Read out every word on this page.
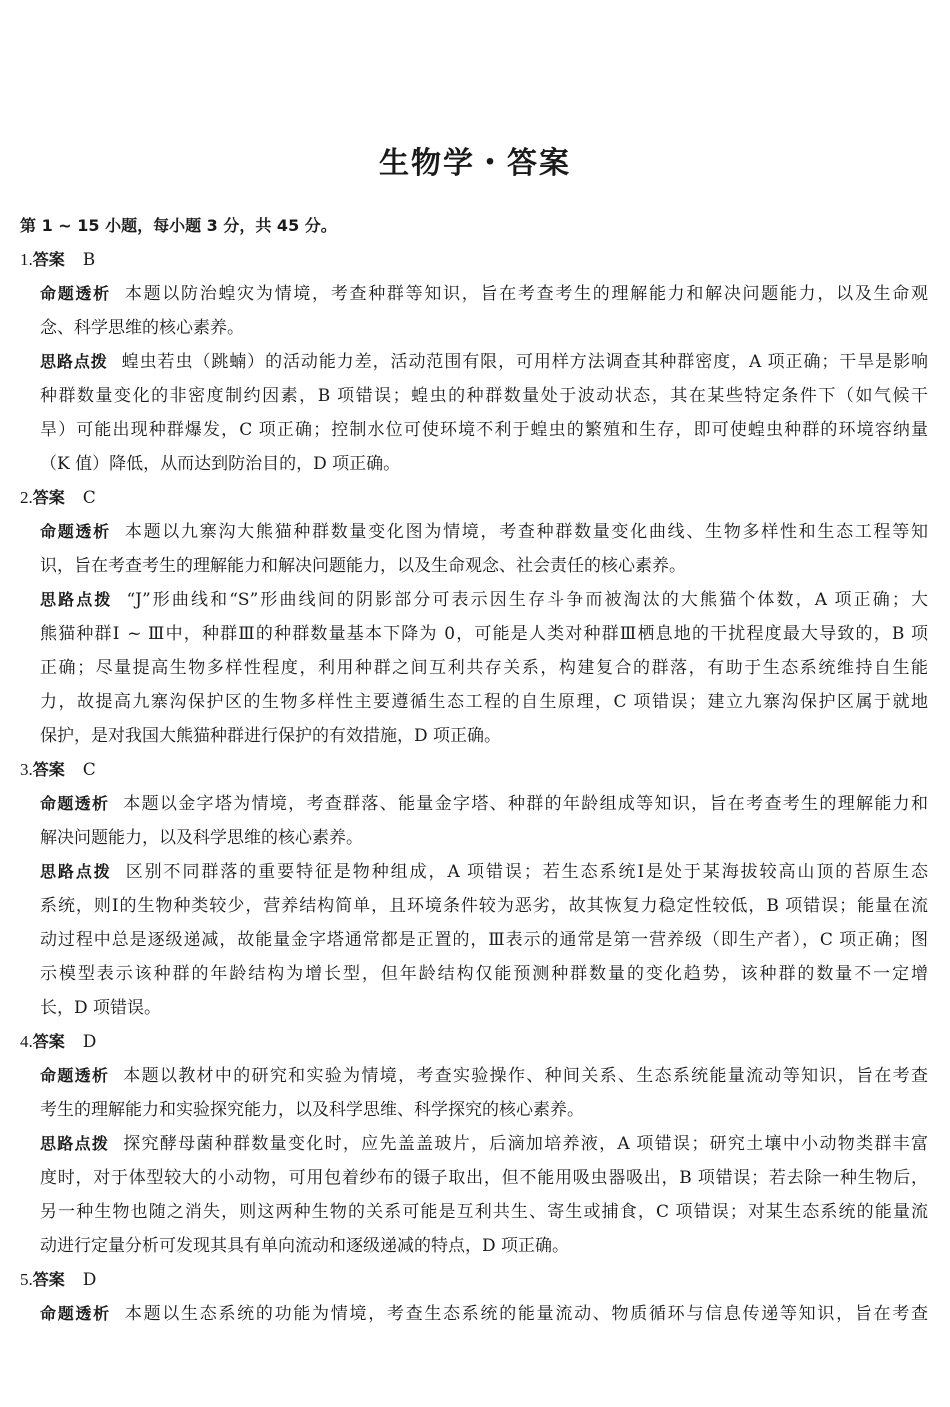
生物学・答案
第 1 ~ 15 小题，每小题 3 分，共 45 分。
1.答案 B
命题透析 本题以防治蝗灾为情境，考查种群等知识，旨在考查考生的理解能力和解决问题能力，以及生命观
念、科学思维的核心素养。
思路点拨 蝗虫若虫（跳蝻）的活动能力差，活动范围有限，可用样方法调查其种群密度，A 项正确；干旱是影响
种群数量变化的非密度制约因素，B 项错误；蝗虫的种群数量处于波动状态，其在某些特定条件下（如气候干
旱）可能出现种群爆发，C 项正确；控制水位可使环境不利于蝗虫的繁殖和生存，即可使蝗虫种群的环境容纳量
（K 值）降低，从而达到防治目的，D 项正确。
2.答案 C
命题透析 本题以九寨沟大熊猫种群数量变化图为情境，考查种群数量变化曲线、生物多样性和生态工程等知
识，旨在考查考生的理解能力和解决问题能力，以及生命观念、社会责任的核心素养。
思路点拨 “J”形曲线和“S”形曲线间的阴影部分可表示因生存斗争而被淘汰的大熊猫个体数，A 项正确；大
熊猫种群Ⅰ ~ Ⅲ中，种群Ⅲ的种群数量基本下降为 0，可能是人类对种群Ⅲ栖息地的干扰程度最大导致的，B 项
正确；尽量提高生物多样性程度，利用种群之间互利共存关系，构建复合的群落，有助于生态系统维持自生能
力，故提高九寨沟保护区的生物多样性主要遵循生态工程的自生原理，C 项错误；建立九寨沟保护区属于就地
保护，是对我国大熊猫种群进行保护的有效措施，D 项正确。
3.答案 C
命题透析 本题以金字塔为情境，考查群落、能量金字塔、种群的年龄组成等知识，旨在考查考生的理解能力和
解决问题能力，以及科学思维的核心素养。
思路点拨 区别不同群落的重要特征是物种组成，A 项错误；若生态系统Ⅰ是处于某海拔较高山顶的苔原生态
系统，则Ⅰ的生物种类较少，营养结构简单，且环境条件较为恶劣，故其恢复力稳定性较低，B 项错误；能量在流
动过程中总是逐级递减，故能量金字塔通常都是正置的，Ⅲ表示的通常是第一营养级（即生产者），C 项正确；图
示模型表示该种群的年龄结构为增长型，但年龄结构仅能预测种群数量的变化趋势，该种群的数量不一定增
长，D 项错误。
4.答案 D
命题透析 本题以教材中的研究和实验为情境，考查实验操作、种间关系、生态系统能量流动等知识，旨在考查
考生的理解能力和实验探究能力，以及科学思维、科学探究的核心素养。
思路点拨 探究酵母菌种群数量变化时，应先盖盖玻片，后滴加培养液，A 项错误；研究土壤中小动物类群丰富
度时，对于体型较大的小动物，可用包着纱布的镊子取出，但不能用吸虫器吸出，B 项错误；若去除一种生物后，
另一种生物也随之消失，则这两种生物的关系可能是互利共生、寄生或捕食，C 项错误；对某生态系统的能量流
动进行定量分析可发现其具有单向流动和逐级递减的特点，D 项正确。
5.答案 D
命题透析 本题以生态系统的功能为情境，考查生态系统的能量流动、物质循环与信息传递等知识，旨在考查
